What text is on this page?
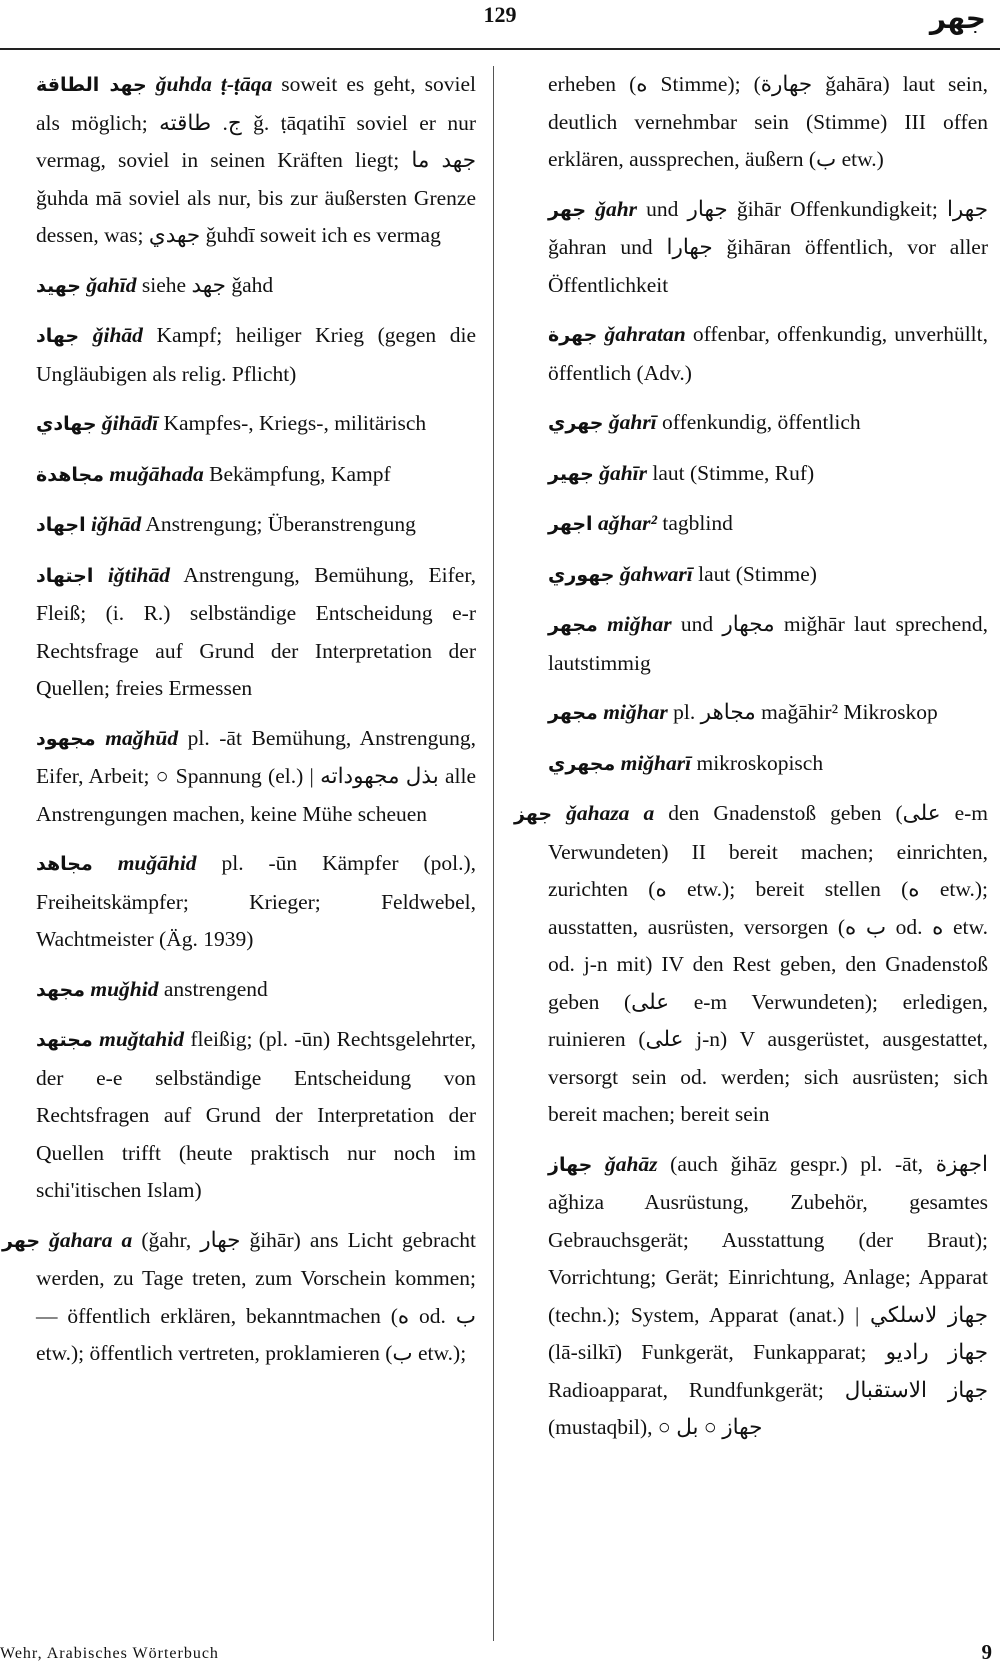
129	جهر

جهد الطاقة ǧuhda ṭ-ṭāqa soweit es geht, soviel als möglich; ج. طاقته ǧ. ṭāqatihī soviel er nur vermag, soviel in seinen Kräften liegt; جهد ما ǧuhda mā soviel als nur, bis zur äußersten Grenze dessen, was; جهدي ǧuhdī soweit ich es vermag

جهيد ǧahīd siehe جهد ǧahd

جهاد ǧihād Kampf; heiliger Krieg (gegen die Ungläubigen als relig. Pflicht)

جهادي ǧihādī Kampfes-, Kriegs-, militärisch

مجاهدة muǧāhada Bekämpfung, Kampf

اجهاد iǧhād Anstrengung; Überanstrengung

اجتهاد iǧtihād Anstrengung, Bemühung, Eifer, Fleiß; (i. R.) selbständige Entscheidung e-r Rechtsfrage auf Grund der Interpretation der Quellen; freies Ermessen

مجهود maǧhūd pl. -āt Bemühung, Anstrengung, Eifer, Arbeit; ○ Spannung (el.) | بذل مجهوداته alle Anstrengungen machen, keine Mühe scheuen

مجاهد muǧāhid pl. -ūn Kämpfer (pol.), Freiheitskämpfer; Krieger; Feldwebel, Wachtmeister (Äg. 1939)

مجهد muǧhid anstrengend

مجتهد muǧtahid fleißig; (pl. -ūn) Rechtsgelehrter, der e-e selbständige Entscheidung von Rechtsfragen auf Grund der Interpretation der Quellen trifft (heute praktisch nur noch im schi'itischen Islam)

جهر ǧahara a (ǧahr, جهار ǧihār) ans Licht gebracht werden, zu Tage treten, zum Vorschein kommen; — öffentlich erklären, bekanntmachen (ه od. ب etw.); öffentlich vertreten, proklamieren (ب etw.);

erheben (ه Stimme); (جهارة ǧahāra) laut sein, deutlich vernehmbar sein (Stimme) III offen erklären, aussprechen, äußern (ب etw.)

جهر ǧahr und جهار ǧihār Offenkundigkeit; جهرا ǧahran und جهارا ǧihāran öffentlich, vor aller Öffentlichkeit

جهرة ǧahratan offenbar, offenkundig, unverhüllt, öffentlich (Adv.)

جهري ǧahrī offenkundig, öffentlich

جهير ǧahīr laut (Stimme, Ruf)

اجهر aǧhar² tagblind

جهوري ǧahwarī laut (Stimme)

مجهر miǧhar und مجهار miǧhār laut sprechend, lautstimmig

مجهر miǧhar pl. مجاهر maǧāhir² Mikroskop

مجهري miǧharī mikroskopisch

جهز ǧahaza a den Gnadenstoß geben (على e-m Verwundeten) II bereit machen; einrichten, zurichten (ه etw.); bereit stellen (ه etw.); ausstatten, ausrüsten, versorgen (ب ه od. ه etw. od. j-n mit) IV den Rest geben, den Gnadenstoß geben (على e-m Verwundeten); erledigen, ruinieren (على j-n) V ausgerüstet, ausgestattet, versorgt sein od. werden; sich ausrüsten; sich bereit machen; bereit sein

جهاز ǧahāz (auch ǧihāz gespr.) pl. -āt, اجهزة aǧhiza Ausrüstung, Zubehör, gesamtes Gebrauchsgerät; Ausstattung (der Braut); Vorrichtung; Gerät; Einrichtung, Anlage; Apparat (techn.); System, Apparat (anat.) | جهاز لاسلكي (lā-silkī) Funkgerät, Funkapparat; جهاز راديو Radioapparat, Rundfunkgerät; جهاز الاستقبال (mustaqbil), ○ جهاز ○ بل

Wehr, Arabisches Wörterbuch	9
